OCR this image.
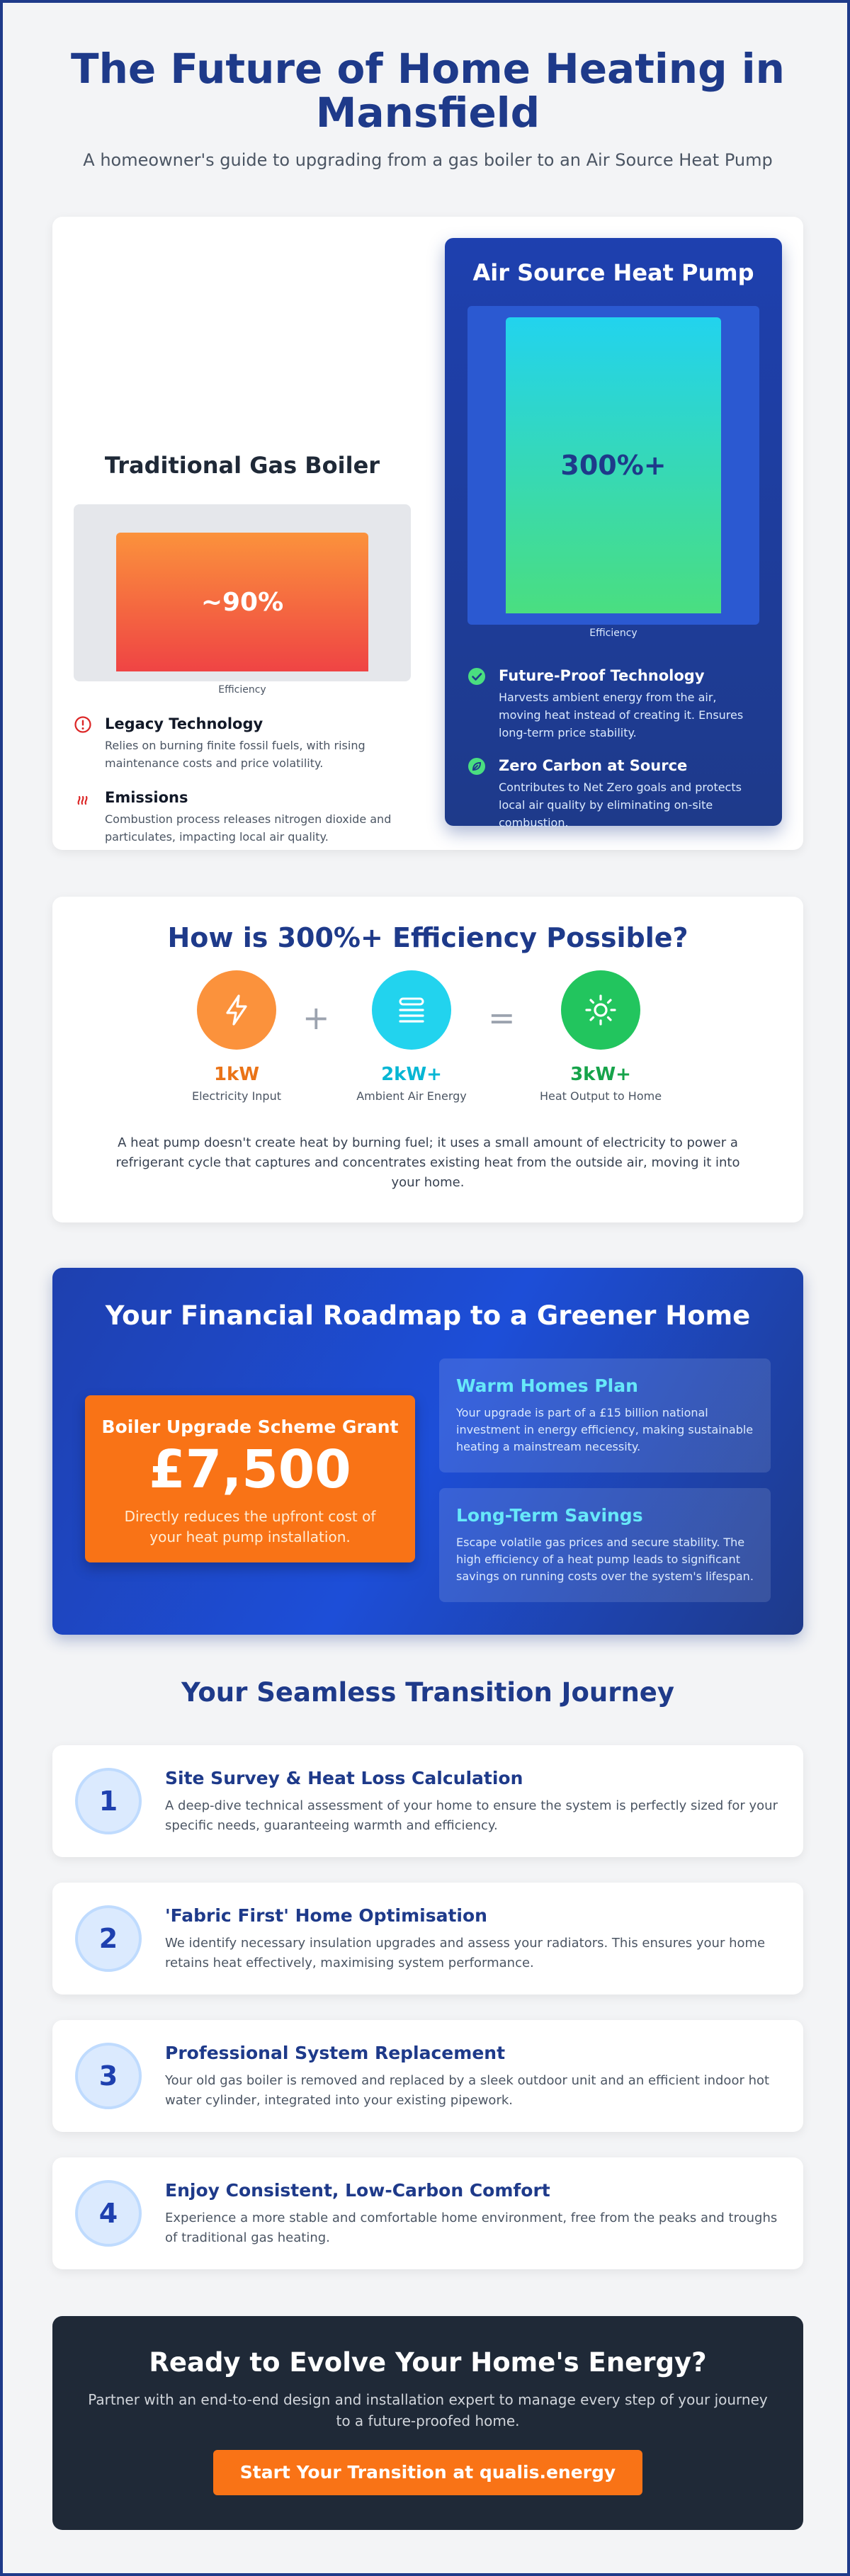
The Future of Home Heating in Mansfield

A homeowner's guide to upgrading from a gas boiler to an Air Source Heat Pump

Traditional Gas Boiler
~90%
Efficiency
Legacy Technology

Relies on burning finite fossil fuels, with rising maintenance costs and price volatility.

Emissions

Combustion process releases nitrogen dioxide and particulates, impacting local air quality.

Air Source Heat Pump
300%+
Efficiency
Future-Proof Technology

Harvests ambient energy from the air, moving heat instead of creating it. Ensures long-term price stability.

Zero Carbon at Source

Contributes to Net Zero goals and protects local air quality by eliminating on-site combustion.

How is 300%+ Efficiency Possible?
1kW
Electricity Input
+
2kW+
Ambient Air Energy
=
3kW+
Heat Output to Home

A heat pump doesn't create heat by burning fuel; it uses a small amount of electricity to power a refrigerant cycle that captures and concentrates existing heat from the outside air, moving it into your home.

Your Financial Roadmap to a Greener Home
Boiler Upgrade Scheme Grant
£7,500

Directly reduces the upfront cost of your heat pump installation.

Warm Homes Plan

Your upgrade is part of a £15 billion national investment in energy efficiency, making sustainable heating a mainstream necessity.

Long-Term Savings

Escape volatile gas prices and secure stability. The high efficiency of a heat pump leads to significant savings on running costs over the system's lifespan.

Your Seamless Transition Journey
1
Site Survey & Heat Loss Calculation

A deep-dive technical assessment of your home to ensure the system is perfectly sized for your specific needs, guaranteeing warmth and efficiency.

2
'Fabric First' Home Optimisation

We identify necessary insulation upgrades and assess your radiators. This ensures your home retains heat effectively, maximising system performance.

3
Professional System Replacement

Your old gas boiler is removed and replaced by a sleek outdoor unit and an efficient indoor hot water cylinder, integrated into your existing pipework.

4
Enjoy Consistent, Low-Carbon Comfort

Experience a more stable and comfortable home environment, free from the peaks and troughs of traditional gas heating.

Ready to Evolve Your Home's Energy?

Partner with an end-to-end design and installation expert to manage every step of your journey to a future-proofed home.

Start Your Transition at qualis.energy
